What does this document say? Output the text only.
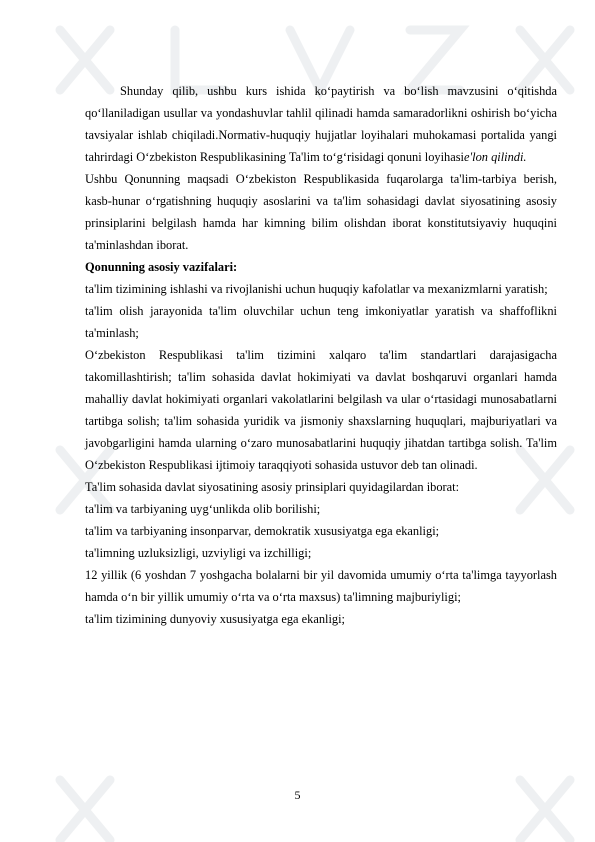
Shunday qilib, ushbu kurs ishida ko‘paytirish va bo‘lish mavzusini o‘qitishda qo‘llaniladigan usullar va yondashuvlar tahlil qilinadi hamda samaradorlikni oshirish bo‘yicha tavsiyalar ishlab chiqiladi.Normativ-huquqiy hujjatlar loyihalari muhokamasi portalida yangi tahrirdagi O‘zbekiston Respublikasining Ta'lim to‘g‘risidagi qonuni loyihasie'lon qilindi.

Ushbu Qonunning maqsadi O‘zbekiston Respublikasida fuqarolarga ta'lim-tarbiya berish, kasb-hunar o‘rgatishning huquqiy asoslarini va ta'lim sohasidagi davlat siyosatining asosiy prinsiplarini belgilash hamda har kimning bilim olishdan iborat konstitutsiyaviy huquqini ta'minlashdan iborat.

Qonunning asosiy vazifalari:

ta'lim tizimining ishlashi va rivojlanishi uchun huquqiy kafolatlar va mexanizmlarni yaratish;

ta'lim olish jarayonida ta'lim oluvchilar uchun teng imkoniyatlar yaratish va shaffoflikni ta'minlash;

O‘zbekiston Respublikasi ta'lim tizimini xalqaro ta'lim standartlari darajasigacha takomillashtirish; ta'lim sohasida davlat hokimiyati va davlat boshqaruvi organlari hamda mahalliy davlat hokimiyati organlari vakolatlarini belgilash va ular o‘rtasidagi munosabatlarni tartibga solish; ta'lim sohasida yuridik va jismoniy shaxslarning huquqlari, majburiyatlari va javobgarligini hamda ularning o‘zaro munosabatlarini huquqiy jihatdan tartibga solish. Ta'lim O‘zbekiston Respublikasi ijtimoiy taraqqiyoti sohasida ustuvor deb tan olinadi.

Ta'lim sohasida davlat siyosatining asosiy prinsiplari quyidagilardan iborat:

ta'lim va tarbiyaning uyg‘unlikda olib borilishi;

ta'lim va tarbiyaning insonparvar, demokratik xususiyatga ega ekanligi;

ta'limning uzluksizligi, uzviyligi va izchilligi;

12 yillik (6 yoshdan 7 yoshgacha bolalarni bir yil davomida umumiy o‘rta ta'limga tayyorlash hamda o‘n bir yillik umumiy o‘rta va o‘rta maxsus) ta'limning majburiyligi;

ta'lim tizimining dunyoviy xususiyatga ega ekanligi;

5
